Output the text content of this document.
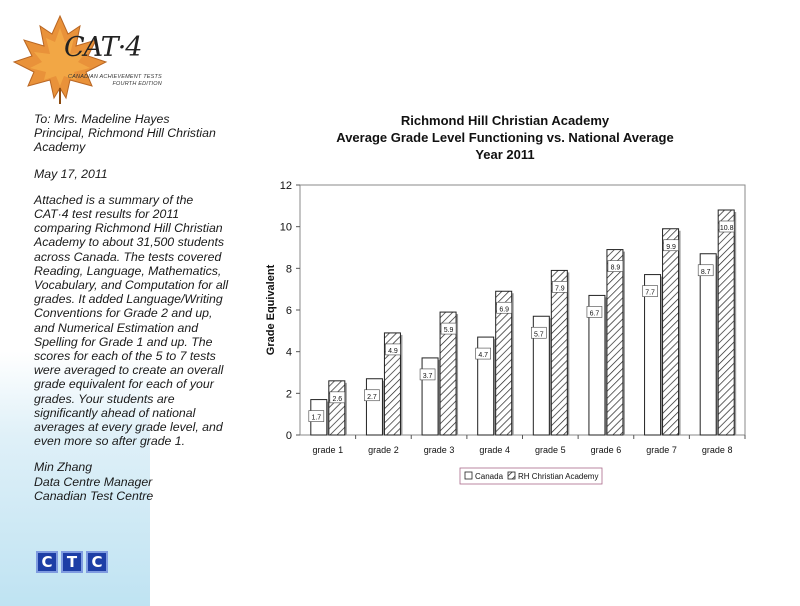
CAT·4
CANADIAN ACHIEVEMENT TESTS
FOURTH EDITION

To: Mrs. Madeline Hayes
Principal, Richmond Hill Christian
Academy

May 17, 2011

Attached is a summary of the
CAT·4 test results for 2011
comparing Richmond Hill Christian
Academy to about 31,500 students
across Canada. The tests covered
Reading, Language, Mathematics,
Vocabulary, and Computation for all
grades. It added Language/Writing
Conventions for Grade 2 and up,
and Numerical Estimation and
Spelling for Grade 1 and up. The
scores for each of the 5 to 7 tests
were averaged to create an overall
grade equivalent for each of your
grades. Your students are
significantly ahead of national
averages at every grade level, and
even more so after grade 1.

Min Zhang
Data Centre Manager
Canadian Test Centre

C T C
Richmond Hill Christian Academy
Average Grade Level Functioning vs. National Average
Year 2011
0
2
4
6
8
10
12
Grade Equivalent
grade 1
1.7
2.6
grade 2
2.7
4.9
grade 3
3.7
5.9
grade 4
4.7
6.9
grade 5
5.7
7.9
grade 6
6.7
8.9
grade 7
7.7
9.9
grade 8
8.7
10.8
Canada RH Christian Academy
